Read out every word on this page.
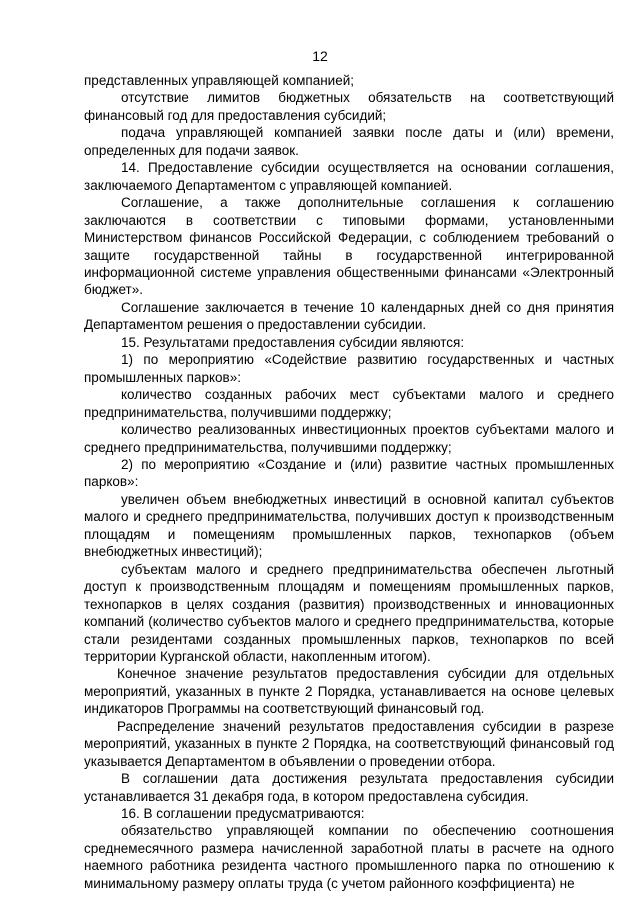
12

представленных управляющей компанией;

отсутствие лимитов бюджетных обязательств на соответствующий финансовый год для предоставления субсидий;

подача управляющей компанией заявки после даты и (или) времени, определенных для подачи заявок.

14. Предоставление субсидии осуществляется на основании соглашения, заключаемого Департаментом с управляющей компанией.

Соглашение, а также дополнительные соглашения к соглашению заключаются в соответствии с типовыми формами, установленными Министерством финансов Российской Федерации, с соблюдением требований о защите государственной тайны в государственной интегрированной информационной системе управления общественными финансами «Электронный бюджет».

Соглашение заключается в течение 10 календарных дней со дня принятия Департаментом решения о предоставлении субсидии.

15. Результатами предоставления субсидии являются:

1) по мероприятию «Содействие развитию государственных и частных промышленных парков»:

количество созданных рабочих мест субъектами малого и среднего предпринимательства, получившими поддержку;

количество реализованных инвестиционных проектов субъектами малого и среднего предпринимательства, получившими поддержку;

2) по мероприятию «Создание и (или) развитие частных промышленных парков»:

увеличен объем внебюджетных инвестиций в основной капитал субъектов малого и среднего предпринимательства, получивших доступ к производственным площадям и помещениям промышленных парков, технопарков (объем внебюджетных инвестиций);

субъектам малого и среднего предпринимательства обеспечен льготный доступ к производственным площадям и помещениям промышленных парков, технопарков в целях создания (развития) производственных и инновационных компаний (количество субъектов малого и среднего предпринимательства, которые стали резидентами созданных промышленных парков, технопарков по всей территории Курганской области, накопленным итогом).

Конечное значение результатов предоставления субсидии для отдельных мероприятий, указанных в пункте 2 Порядка, устанавливается на основе целевых индикаторов Программы на соответствующий финансовый год.

Распределение значений результатов предоставления субсидии в разрезе мероприятий, указанных в пункте 2 Порядка, на соответствующий финансовый год указывается Департаментом в объявлении о проведении отбора.

В соглашении дата достижения результата предоставления субсидии устанавливается 31 декабря года, в котором предоставлена субсидия.

16. В соглашении предусматриваются:

обязательство управляющей компании по обеспечению соотношения среднемесячного размера начисленной заработной платы в расчете на одного наемного работника резидента частного промышленного парка по отношению к минимальному размеру оплаты труда (с учетом районного коэффициента) не
